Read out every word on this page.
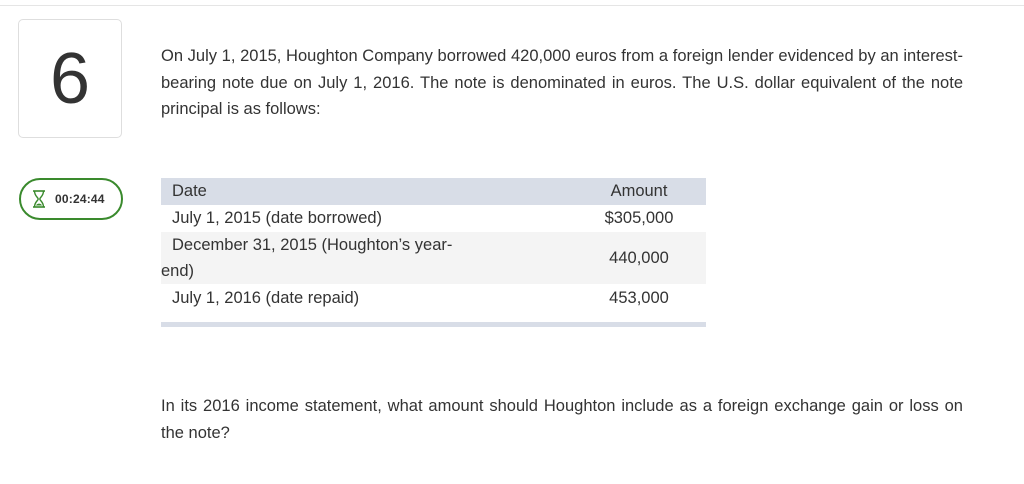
6
00:24:44
On July 1, 2015, Houghton Company borrowed 420,000 euros from a foreign lender evidenced by an interest-bearing note due on July 1, 2016. The note is denominated in euros. The U.S. dollar equivalent of the note principal is as follows:
Date	Amount
July 1, 2015 (date borrowed)	$305,000
December 31, 2015 (Houghton’s year-
end)	440,000
July 1, 2016 (date repaid)	453,000
In its 2016 income statement, what amount should Houghton include as a foreign exchange gain or loss on the note?
